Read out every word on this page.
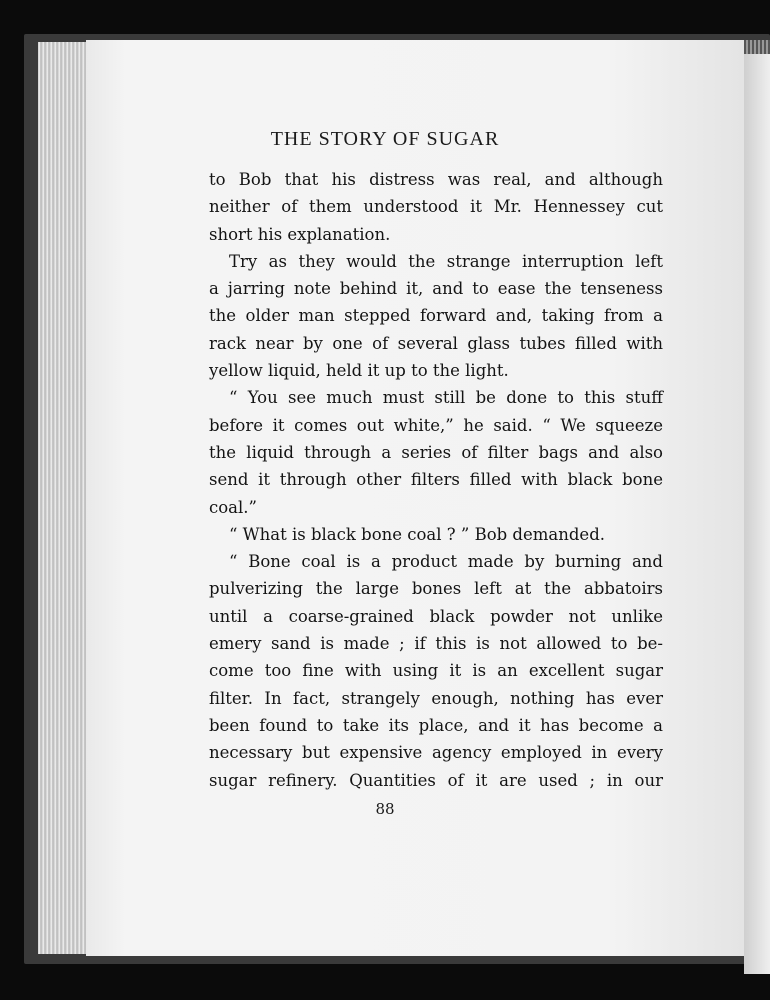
THE STORY OF SUGAR
to Bob that his distress was real, and although
neither of them understood it Mr. Hennessey cut
short his explanation.
Try as they would the strange interruption left
a jarring note behind it, and to ease the tenseness
the older man stepped forward and, taking from a
rack near by one of several glass tubes filled with
yellow liquid, held it up to the light.
“ You see much must still be done to this stuff
before it comes out white,” he said. “ We squeeze
the liquid through a series of filter bags and also
send it through other filters filled with black bone
coal.”
“ What is black bone coal ? ” Bob demanded.
“ Bone coal is a product made by burning and
pulverizing the large bones left at the abbatoirs
until a coarse-grained black powder not unlike
emery sand is made ; if this is not allowed to be-
come too fine with using it is an excellent sugar
filter. In fact, strangely enough, nothing has ever
been found to take its place, and it has become a
necessary but expensive agency employed in every
sugar refinery. Quantities of it are used ; in our
88
